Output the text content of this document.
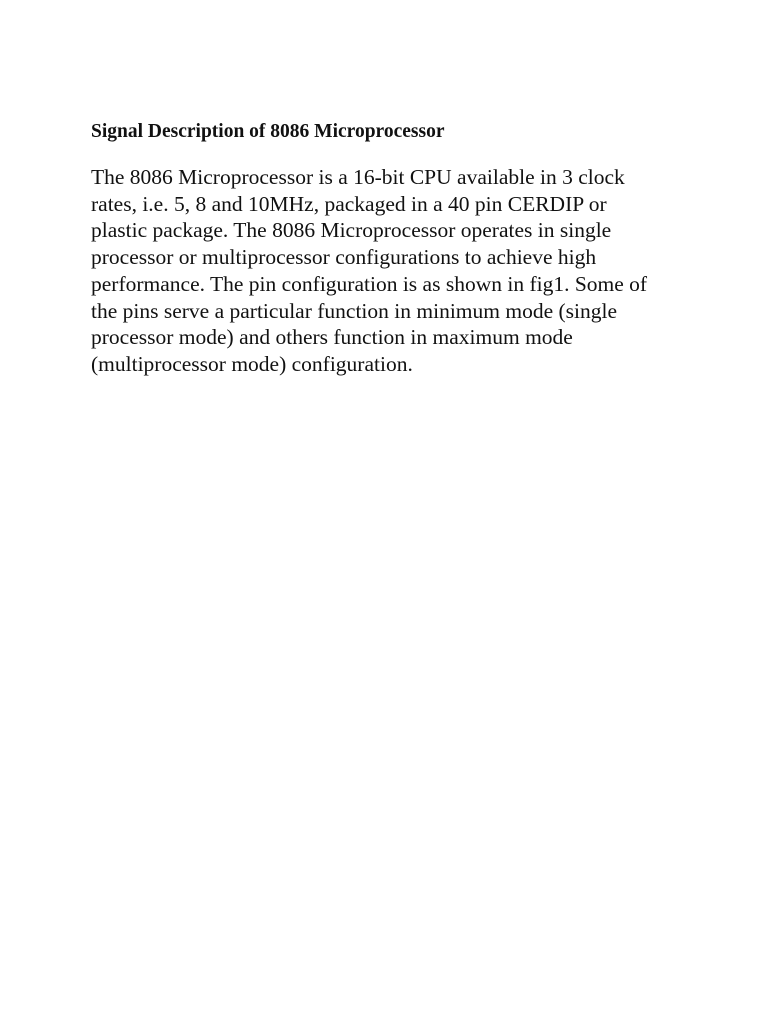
Signal Description of 8086 Microprocessor

The 8086 Microprocessor is a 16-bit CPU available in 3 clock
rates, i.e. 5, 8 and 10MHz, packaged in a 40 pin CERDIP or
plastic package. The 8086 Microprocessor operates in single
processor or multiprocessor configurations to achieve high
performance. The pin configuration is as shown in fig1. Some of
the pins serve a particular function in minimum mode (single
processor mode) and others function in maximum mode
(multiprocessor mode) configuration.
